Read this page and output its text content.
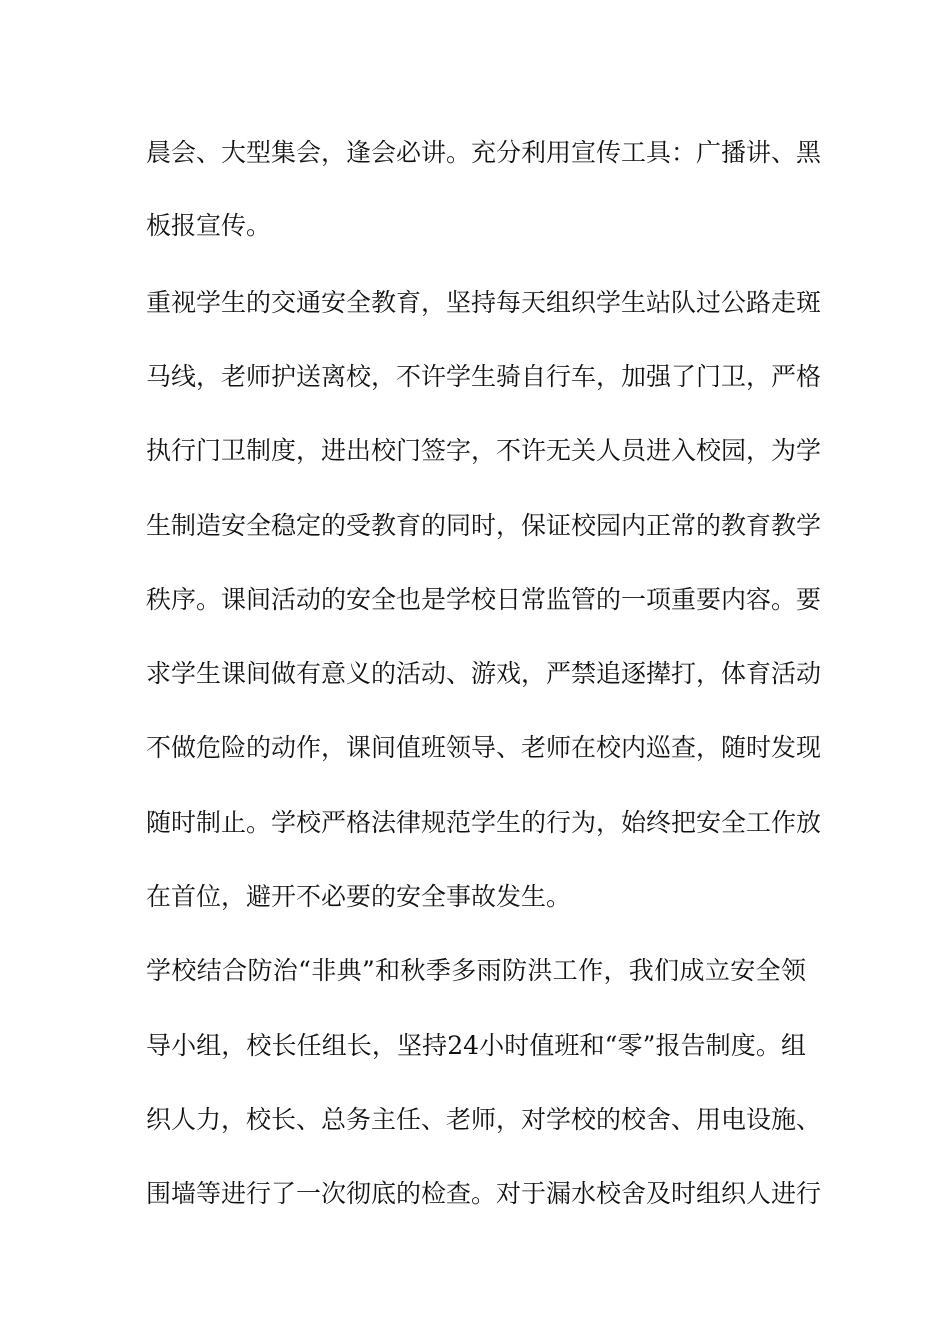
晨会、大型集会，逢会必讲。充分利用宣传工具：广播讲、黑
板报宣传。
重视学生的交通安全教育，坚持每天组织学生站队过公路走斑
马线，老师护送离校，不许学生骑自行车，加强了门卫，严格
执行门卫制度，进出校门签字，不许无关人员进入校园，为学
生制造安全稳定的受教育的同时，保证校园内正常的教育教学
秩序。课间活动的安全也是学校日常监管的一项重要内容。要
求学生课间做有意义的活动、游戏，严禁追逐撵打，体育活动
不做危险的动作，课间值班领导、老师在校内巡查，随时发现
随时制止。学校严格法律规范学生的行为，始终把安全工作放
在首位，避开不必要的安全事故发生。
学校结合防治“非典”和秋季多雨防洪工作，我们成立安全领
导小组，校长任组长，坚持24小时值班和“零”报告制度。组
织人力，校长、总务主任、老师，对学校的校舍、用电设施、
围墙等进行了一次彻底的检查。对于漏水校舍及时组织人进行
